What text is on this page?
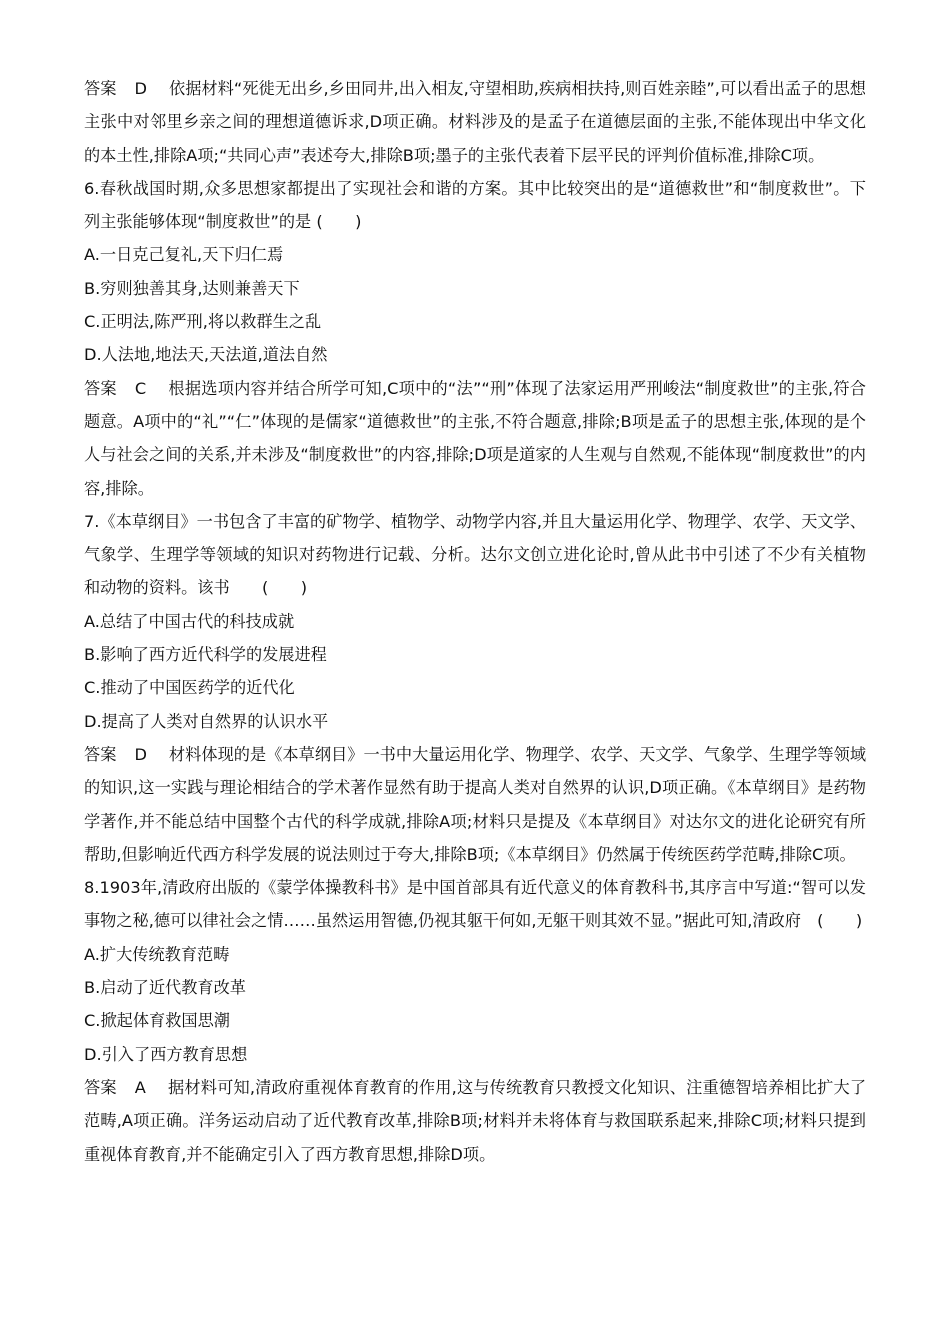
答案 D 依据材料“死徙无出乡,乡田同井,出入相友,守望相助,疾病相扶持,则百姓亲睦”,可以看出孟子的思想主张中对邻里乡亲之间的理想道德诉求,D项正确。材料涉及的是孟子在道德层面的主张,不能体现出中华文化的本土性,排除A项;“共同心声”表述夸大,排除B项;墨子的主张代表着下层平民的评判价值标准,排除C项。

6.春秋战国时期,众多思想家都提出了实现社会和谐的方案。其中比较突出的是“道德救世”和“制度救世”。下列主张能够体现“制度救世”的是 (　　)

A.一日克己复礼,天下归仁焉

B.穷则独善其身,达则兼善天下

C.正明法,陈严刑,将以救群生之乱

D.人法地,地法天,天法道,道法自然

答案 C 根据选项内容并结合所学可知,C项中的“法”“刑”体现了法家运用严刑峻法“制度救世”的主张,符合题意。A项中的“礼”“仁”体现的是儒家“道德救世”的主张,不符合题意,排除;B项是孟子的思想主张,体现的是个人与社会之间的关系,并未涉及“制度救世”的内容,排除;D项是道家的人生观与自然观,不能体现“制度救世”的内容,排除。

7.《本草纲目》一书包含了丰富的矿物学、植物学、动物学内容,并且大量运用化学、物理学、农学、天文学、气象学、生理学等领域的知识对药物进行记载、分析。达尔文创立进化论时,曾从此书中引述了不少有关植物和动物的资料。该书　　(　　)

A.总结了中国古代的科技成就

B.影响了西方近代科学的发展进程

C.推动了中国医药学的近代化

D.提高了人类对自然界的认识水平

答案 D 材料体现的是《本草纲目》一书中大量运用化学、物理学、农学、天文学、气象学、生理学等领域的知识,这一实践与理论相结合的学术著作显然有助于提高人类对自然界的认识,D项正确。《本草纲目》是药物学著作,并不能总结中国整个古代的科学成就,排除A项;材料只是提及《本草纲目》对达尔文的进化论研究有所帮助,但影响近代西方科学发展的说法则过于夸大,排除B项;《本草纲目》仍然属于传统医药学范畴,排除C项。

8.1903年,清政府出版的《蒙学体操教科书》是中国首部具有近代意义的体育教科书,其序言中写道:“智可以发事物之秘,德可以律社会之情……虽然运用智德,仍视其躯干何如,无躯干则其效不显。”据此可知,清政府　(　　)

A.扩大传统教育范畴

B.启动了近代教育改革

C.掀起体育救国思潮

D.引入了西方教育思想

答案 A 据材料可知,清政府重视体育教育的作用,这与传统教育只教授文化知识、注重德智培养相比扩大了范畴,A项正确。洋务运动启动了近代教育改革,排除B项;材料并未将体育与救国联系起来,排除C项;材料只提到重视体育教育,并不能确定引入了西方教育思想,排除D项。
